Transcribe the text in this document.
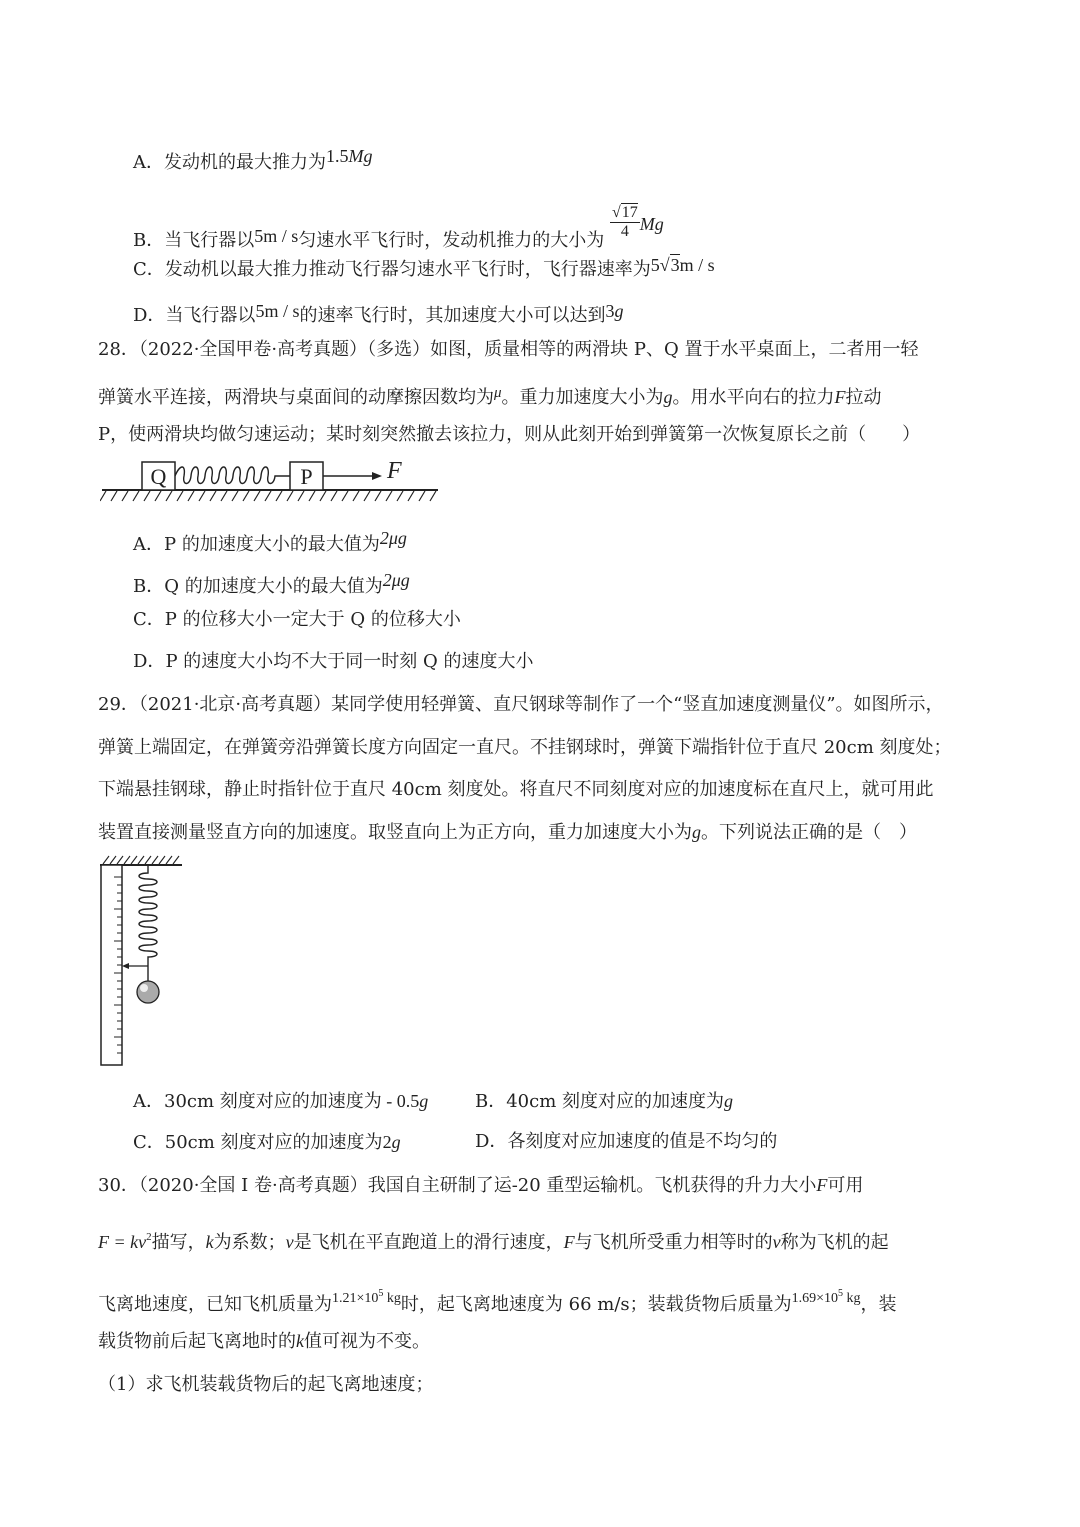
A．发动机的最大推力为1.5Mg
B．当飞行器以5m / s匀速水平飞行时，发动机推力的大小为 $\frac{√17}{4}$ Mg
C．发动机以最大推力推动飞行器匀速水平飞行时，飞行器速率为5√3m / s
D．当飞行器以5m / s的速率飞行时，其加速度大小可以达到3g
28．（2022·全国甲卷·高考真题）（多选）如图，质量相等的两滑块 P、Q 置于水平桌面上，二者用一轻
弹簧水平连接，两滑块与桌面间的动摩擦因数均为$^\mu$。重力加速度大小为g。用水平向右的拉力F拉动
P，使两滑块均做匀速运动；某时刻突然撤去该拉力，则从此刻开始到弹簧第一次恢复原长之前（　　）
Q	P	F
A．P 的加速度大小的最大值为2μg
B．Q 的加速度大小的最大值为2μg
C．P 的位移大小一定大于 Q 的位移大小
D．P 的速度大小均不大于同一时刻 Q 的速度大小
29．（2021·北京·高考真题）某同学使用轻弹簧、直尺钢球等制作了一个“竖直加速度测量仪”。如图所示，
弹簧上端固定，在弹簧旁沿弹簧长度方向固定一直尺。不挂钢球时，弹簧下端指针位于直尺 20cm 刻度处；
下端悬挂钢球，静止时指针位于直尺 40cm 刻度处。将直尺不同刻度对应的加速度标在直尺上，就可用此
装置直接测量竖直方向的加速度。取竖直向上为正方向，重力加速度大小为g。下列说法正确的是（　）
A．30cm 刻度对应的加速度为 - 0.5g	B．40cm 刻度对应的加速度为g
C．50cm 刻度对应的加速度为2g	D．各刻度对应加速度的值是不均匀的
30．（2020·全国 I 卷·高考真题）我国自主研制了运-20 重型运输机。飞机获得的升力大小F可用
$F = kv^2$描写，k为系数；v是飞机在平直跑道上的滑行速度，F与飞机所受重力相等时的v称为飞机的起
飞离地速度，已知飞机质量为$^{1.21\times 10^5 kg}$时，起飞离地速度为 66 m/s；装载货物后质量为$^{1.69\times 10^5 kg}$，装
载货物前后起飞离地时的k值可视为不变。
（1）求飞机装载货物后的起飞离地速度；
